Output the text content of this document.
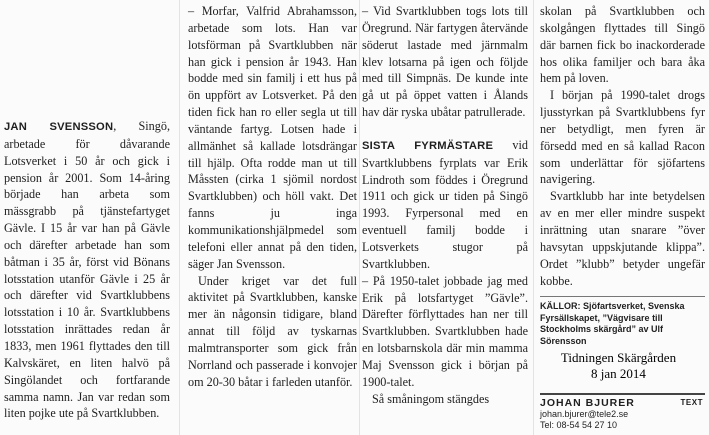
JAN SVENSSON, Singö, arbetade för dåvarande Lotsverket i 50 år och gick i pension år 2001. Som 14-åring började han arbeta som mässgrabb på tjänstefartyget Gävle. I 15 år var han på Gävle och därefter arbetade han som båtman i 35 år, först vid Bönans lotsstation utanför Gävle i 25 år och därefter vid Svartklubbens lotsstation i 10 år. Svartklubbens lotsstation inrättades redan år 1833, men 1961 flyttades den till Kalvskäret, en liten halvö på Singölandet och fortfarande samma namn. Jan var redan som liten pojke ute på Svartklubben.

– Morfar, Valfrid Abrahamsson, arbetade som lots. Han var lotsförman på Svartklubben när han gick i pension år 1943. Han bodde med sin familj i ett hus på ön uppfört av Lotsverket. På den tiden fick han ro eller segla ut till väntande fartyg. Lotsen hade i allmänhet så kallade lotsdrängar till hjälp. Ofta rodde man ut till Måssten (cirka 1 sjömil nordost Svartklubben) och höll vakt. Det fanns ju inga kommunikationshjälpmedel som telefoni eller annat på den tiden, säger Jan Svensson.

Under kriget var det full aktivitet på Svartklubben, kanske mer än någonsin tidigare, bland annat till följd av tyskarnas malmtransporter som gick från Norrland och passerade i konvojer om 20-30 båtar i farleden utanför.

– Vid Svartklubben togs lots till Öregrund. När fartygen återvände söderut lastade med järnmalm klev lotsarna på igen och följde med till Simpnäs. De kunde inte gå ut på öppet vatten i Ålands hav där ryska ubåtar patrullerade.

SISTA FYRMÄSTARE vid Svartklubbens fyrplats var Erik Lindroth som föddes i Öregrund 1911 och gick ur tiden på Singö 1993. Fyrpersonal med en eventuell familj bodde i Lotsverkets stugor på Svartklubben.

– På 1950-talet jobbade jag med Erik på lotsfartyget ”Gävle”. Därefter förflyttades han ner till Svartklubben. Svartklubben hade en lotsbarnskola där min mamma Maj Svensson gick i början på 1900-talet.

Så småningom stängdes

skolan på Svartklubben och skolgången flyttades till Singö där barnen fick bo inackorderade hos olika familjer och bara åka hem på loven.

I början på 1990-talet drogs ljusstyrkan på Svartklubbens fyr ner betydligt, men fyren är försedd med en så kallad Racon som underlättar för sjöfartens navigering.

Svartklubb har inte betydelsen av en mer eller mindre suspekt inrättning utan snarare ”över havsytan uppskjutande klippa”. Ordet ”klubb” betyder ungefär kobbe.

KÄLLOR: Sjöfartsverket, Svenska Fyrsällskapet, ”Vägvisare till Stockholms skärgård” av Ulf Sörensson
Tidningen Skärgården
8 jan 2014
JOHAN BJURER	TEXT
johan.bjurer@tele2.se
Tel: 08-54 54 27 10
